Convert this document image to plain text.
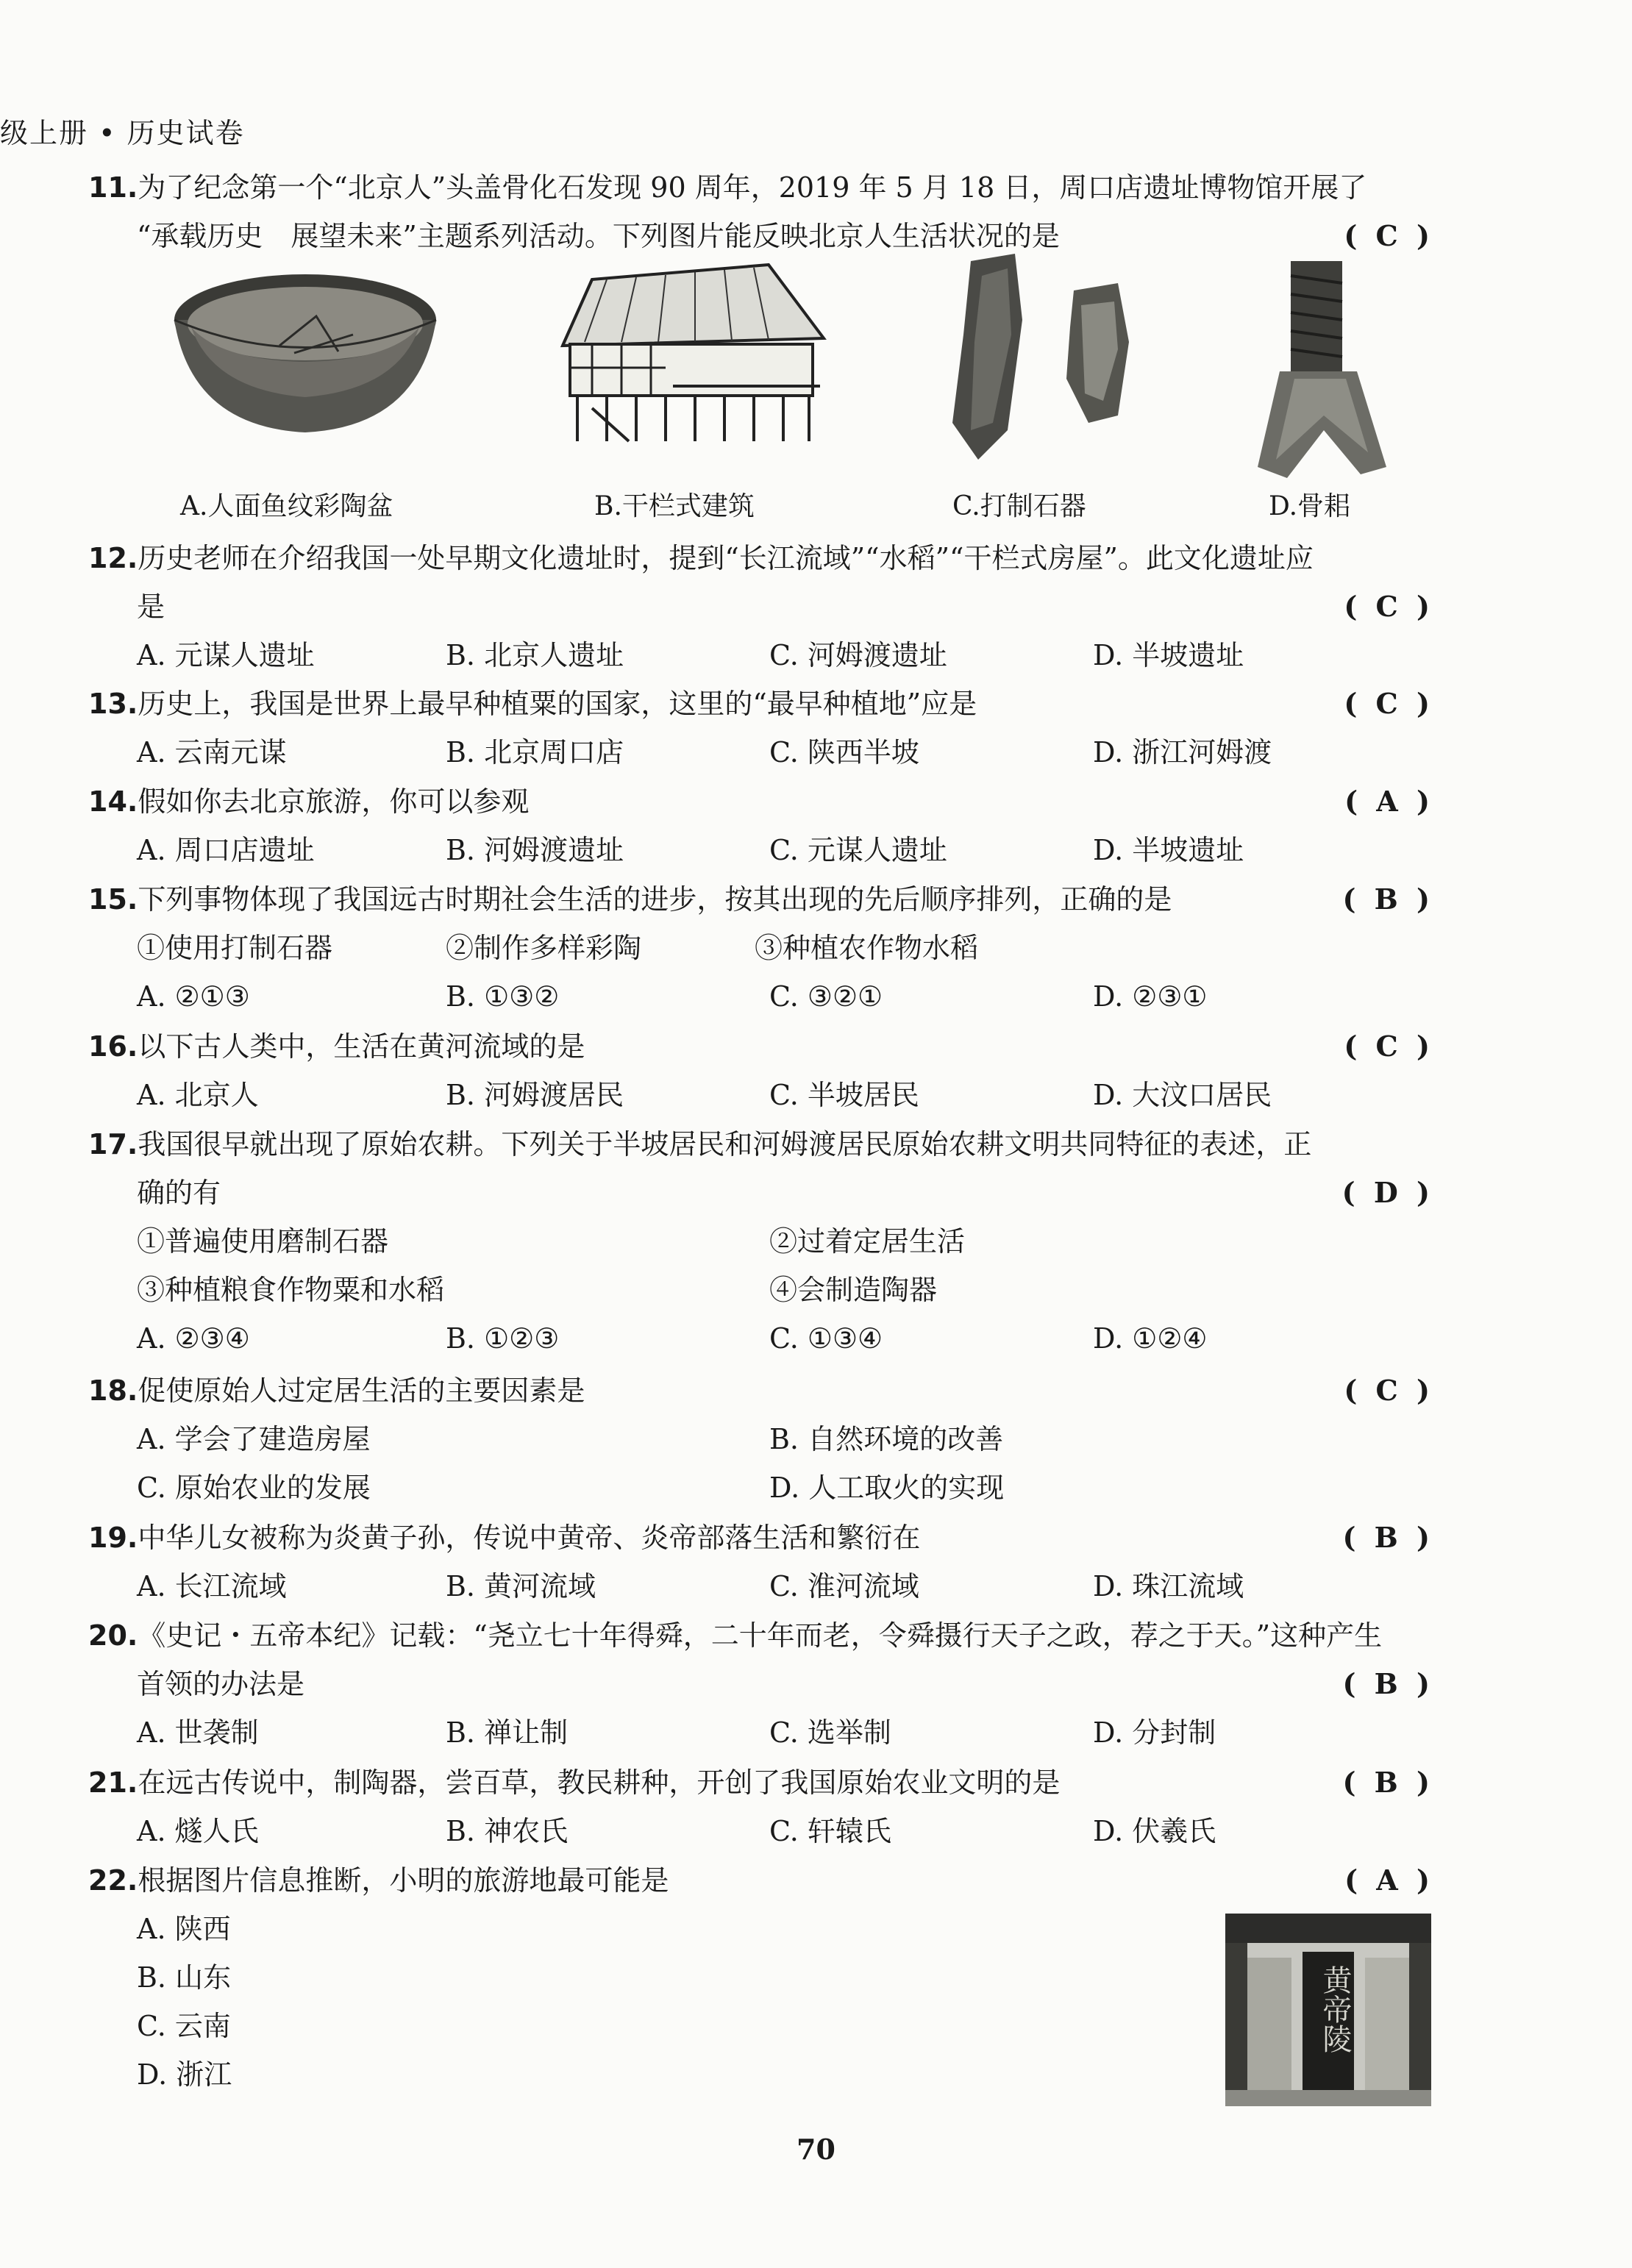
级上册 • 历史试卷
11.为了纪念第一个“北京人”头盖骨化石发现 90 周年，2019 年 5 月 18 日，周口店遗址博物馆开展了
“承载历史　展望未来”主题系列活动。下列图片能反映北京人生活状况的是	( C )
A.人面鱼纹彩陶盆	B.干栏式建筑	C.打制石器	D.骨耜
12.历史老师在介绍我国一处早期文化遗址时，提到“长江流域”“水稻”“干栏式房屋”。此文化遗址应
是	( C )
A. 元谋人遗址	B. 北京人遗址	C. 河姆渡遗址	D. 半坡遗址
13.历史上，我国是世界上最早种植粟的国家，这里的“最早种植地”应是	( C )
A. 云南元谋	B. 北京周口店	C. 陕西半坡	D. 浙江河姆渡
14.假如你去北京旅游，你可以参观	( A )
A. 周口店遗址	B. 河姆渡遗址	C. 元谋人遗址	D. 半坡遗址
15.下列事物体现了我国远古时期社会生活的进步，按其出现的先后顺序排列，正确的是	( B )
①使用打制石器	②制作多样彩陶	③种植农作物水稻
A. ②①③	B. ①③②	C. ③②①	D. ②③①
16.以下古人类中，生活在黄河流域的是	( C )
A. 北京人	B. 河姆渡居民	C. 半坡居民	D. 大汶口居民
17.我国很早就出现了原始农耕。下列关于半坡居民和河姆渡居民原始农耕文明共同特征的表述，正
确的有	( D )
①普遍使用磨制石器	②过着定居生活
③种植粮食作物粟和水稻	④会制造陶器
A. ②③④	B. ①②③	C. ①③④	D. ①②④
18.促使原始人过定居生活的主要因素是	( C )
A. 学会了建造房屋	B. 自然环境的改善
C. 原始农业的发展	D. 人工取火的实现
19.中华儿女被称为炎黄子孙，传说中黄帝、炎帝部落生活和繁衍在	( B )
A. 长江流域	B. 黄河流域	C. 淮河流域	D. 珠江流域
20.《史记・五帝本纪》记载：“尧立七十年得舜，二十年而老，令舜摄行天子之政，荐之于天。”这种产生
首领的办法是	( B )
A. 世袭制	B. 禅让制	C. 选举制	D. 分封制
21.在远古传说中，制陶器，尝百草，教民耕种，开创了我国原始农业文明的是	( B )
A. 燧人氏	B. 神农氏	C. 轩辕氏	D. 伏羲氏
22.根据图片信息推断，小明的旅游地最可能是	( A )
A. 陕西
B. 山东
C. 云南
D. 浙江
黄帝陵
70
